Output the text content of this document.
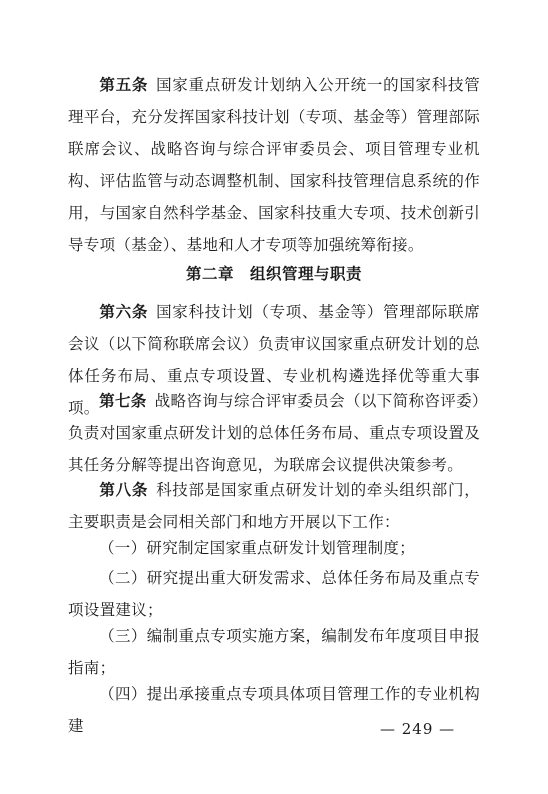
第五条 国家重点研发计划纳入公开统一的国家科技管理平台，充分发挥国家科技计划（专项、基金等）管理部际联席会议、战略咨询与综合评审委员会、项目管理专业机构、评估监管与动态调整机制、国家科技管理信息系统的作用，与国家自然科学基金、国家科技重大专项、技术创新引导专项（基金）、基地和人才专项等加强统筹衔接。

第二章 组织管理与职责

第六条 国家科技计划（专项、基金等）管理部际联席会议（以下简称联席会议）负责审议国家重点研发计划的总体任务布局、重点专项设置、专业机构遴选择优等重大事项。 第七条 战略咨询与综合评审委员会（以下简称咨评委）负责对国家重点研发计划的总体任务布局、重点专项设置及其任务分解等提出咨询意见，为联席会议提供决策参考。

第八条 科技部是国家重点研发计划的牵头组织部门，主要职责是会同相关部门和地方开展以下工作：

（一）研究制定国家重点研发计划管理制度；

（二）研究提出重大研发需求、总体任务布局及重点专项设置建议；

（三）编制重点专项实施方案，编制发布年度项目申报指南；

（四）提出承接重点专项具体项目管理工作的专业机构建	— 249 —
